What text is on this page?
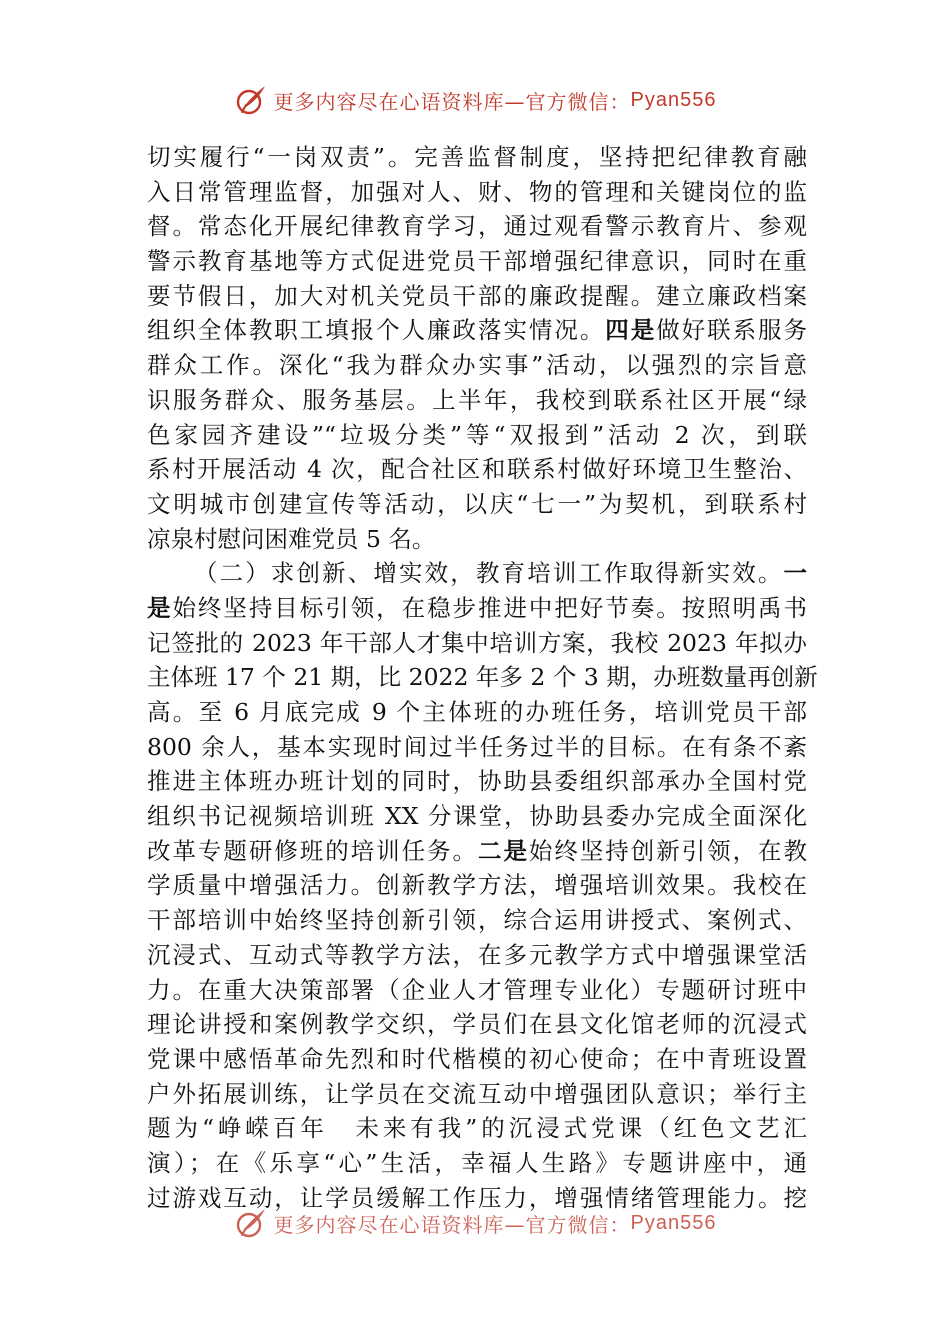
更多内容尽在心语资料库—官方微信： Pyan556
切实履行“一岗双责”。完善监督制度，坚持把纪律教育融
入日常管理监督，加强对人、财、物的管理和关键岗位的监
督。常态化开展纪律教育学习，通过观看警示教育片、参观
警示教育基地等方式促进党员干部增强纪律意识，同时在重
要节假日，加大对机关党员干部的廉政提醒。建立廉政档案
组织全体教职工填报个人廉政落实情况。四是做好联系服务
群众工作。深化“我为群众办实事”活动，以强烈的宗旨意
识服务群众、服务基层。上半年，我校到联系社区开展“绿
色家园齐建设”“垃圾分类”等“双报到”活动 2 次，到联
系村开展活动 4 次，配合社区和联系村做好环境卫生整治、
文明城市创建宣传等活动，以庆“七一”为契机，到联系村
凉泉村慰问困难党员 5 名。
（二）求创新、增实效，教育培训工作取得新实效。一
是始终坚持目标引领，在稳步推进中把好节奏。按照明禹书
记签批的 2023 年干部人才集中培训方案，我校 2023 年拟办
主体班 17 个 21 期，比 2022 年多 2 个 3 期，办班数量再创新
高。至 6 月底完成 9 个主体班的办班任务，培训党员干部
800 余人，基本实现时间过半任务过半的目标。在有条不紊
推进主体班办班计划的同时，协助县委组织部承办全国村党
组织书记视频培训班 XX 分课堂，协助县委办完成全面深化
改革专题研修班的培训任务。二是始终坚持创新引领，在教
学质量中增强活力。创新教学方法，增强培训效果。我校在
干部培训中始终坚持创新引领，综合运用讲授式、案例式、
沉浸式、互动式等教学方法，在多元教学方式中增强课堂活
力。在重大决策部署（企业人才管理专业化）专题研讨班中
理论讲授和案例教学交织，学员们在县文化馆老师的沉浸式
党课中感悟革命先烈和时代楷模的初心使命；在中青班设置
户外拓展训练，让学员在交流互动中增强团队意识；举行主
题为“峥嵘百年　未来有我”的沉浸式党课（红色文艺汇
演）；在《乐享“心”生活，幸福人生路》专题讲座中，通
过游戏互动，让学员缓解工作压力，增强情绪管理能力。挖
更多内容尽在心语资料库—官方微信： Pyan556
